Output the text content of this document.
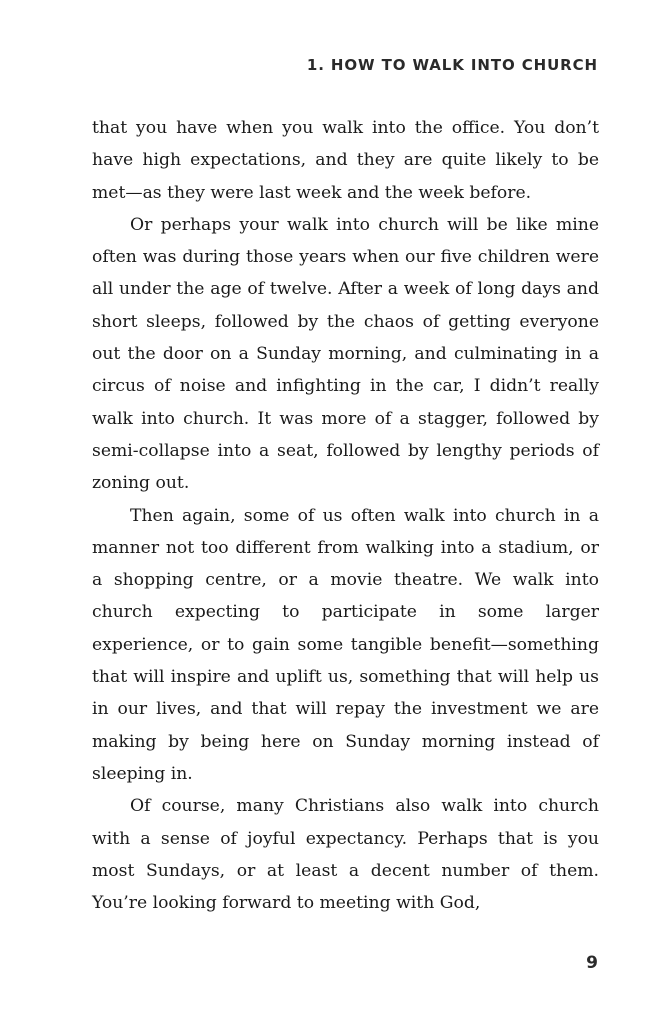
1. HOW TO WALK INTO CHURCH

that you have when you walk into the office. You don’t have high expectations, and they are quite likely to be met—as they were last week and the week before.

Or perhaps your walk into church will be like mine often was during those years when our five children were all under the age of twelve. After a week of long days and short sleeps, followed by the chaos of getting everyone out the door on a Sunday morning, and culminating in a circus of noise and infighting in the car, I didn’t really walk into church. It was more of a stagger, followed by semi-collapse into a seat, followed by lengthy periods of zoning out.

Then again, some of us often walk into church in a manner not too different from walking into a stadium, or a shopping centre, or a movie theatre. We walk into church expecting to participate in some larger experience, or to gain some tangible benefit—something that will inspire and uplift us, something that will help us in our lives, and that will repay the investment we are making by being here on Sunday morning instead of sleeping in.

Of course, many Christians also walk into church with a sense of joyful expectancy. Perhaps that is you most Sundays, or at least a decent number of them. You’re looking forward to meeting with God,

9
